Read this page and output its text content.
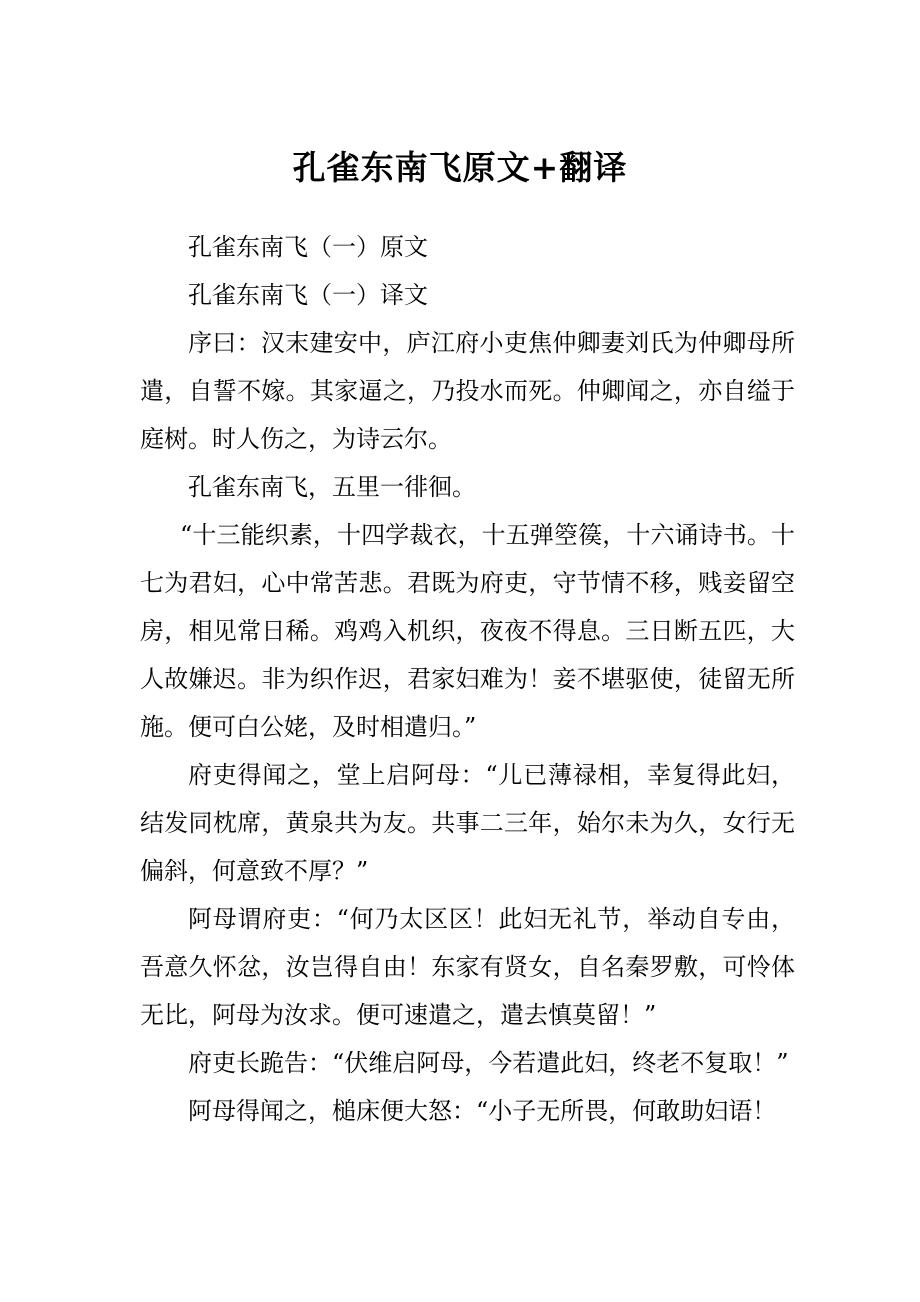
孔雀东南飞原文+翻译

孔雀东南飞（一）原文

孔雀东南飞（一）译文

序曰：汉末建安中，庐江府小吏焦仲卿妻刘氏为仲卿母所遣，自誓不嫁。其家逼之，乃投水而死。仲卿闻之，亦自缢于庭树。时人伤之，为诗云尔。

孔雀东南飞，五里一徘徊。

“十三能织素，十四学裁衣，十五弹箜篌，十六诵诗书。十七为君妇，心中常苦悲。君既为府吏，守节情不移，贱妾留空房，相见常日稀。鸡鸡入机织，夜夜不得息。三日断五匹，大人故嫌迟。非为织作迟，君家妇难为！妾不堪驱使，徒留无所施。便可白公姥，及时相遣归。”

府吏得闻之，堂上启阿母：“儿已薄禄相，幸复得此妇，结发同枕席，黄泉共为友。共事二三年，始尔未为久，女行无偏斜，何意致不厚？”

阿母谓府吏：“何乃太区区！此妇无礼节，举动自专由，吾意久怀忿，汝岂得自由！东家有贤女，自名秦罗敷，可怜体无比，阿母为汝求。便可速遣之，遣去慎莫留！”

府吏长跪告：“伏维启阿母，今若遣此妇，终老不复取！”

阿母得闻之，槌床便大怒：“小子无所畏，何敢助妇语！
